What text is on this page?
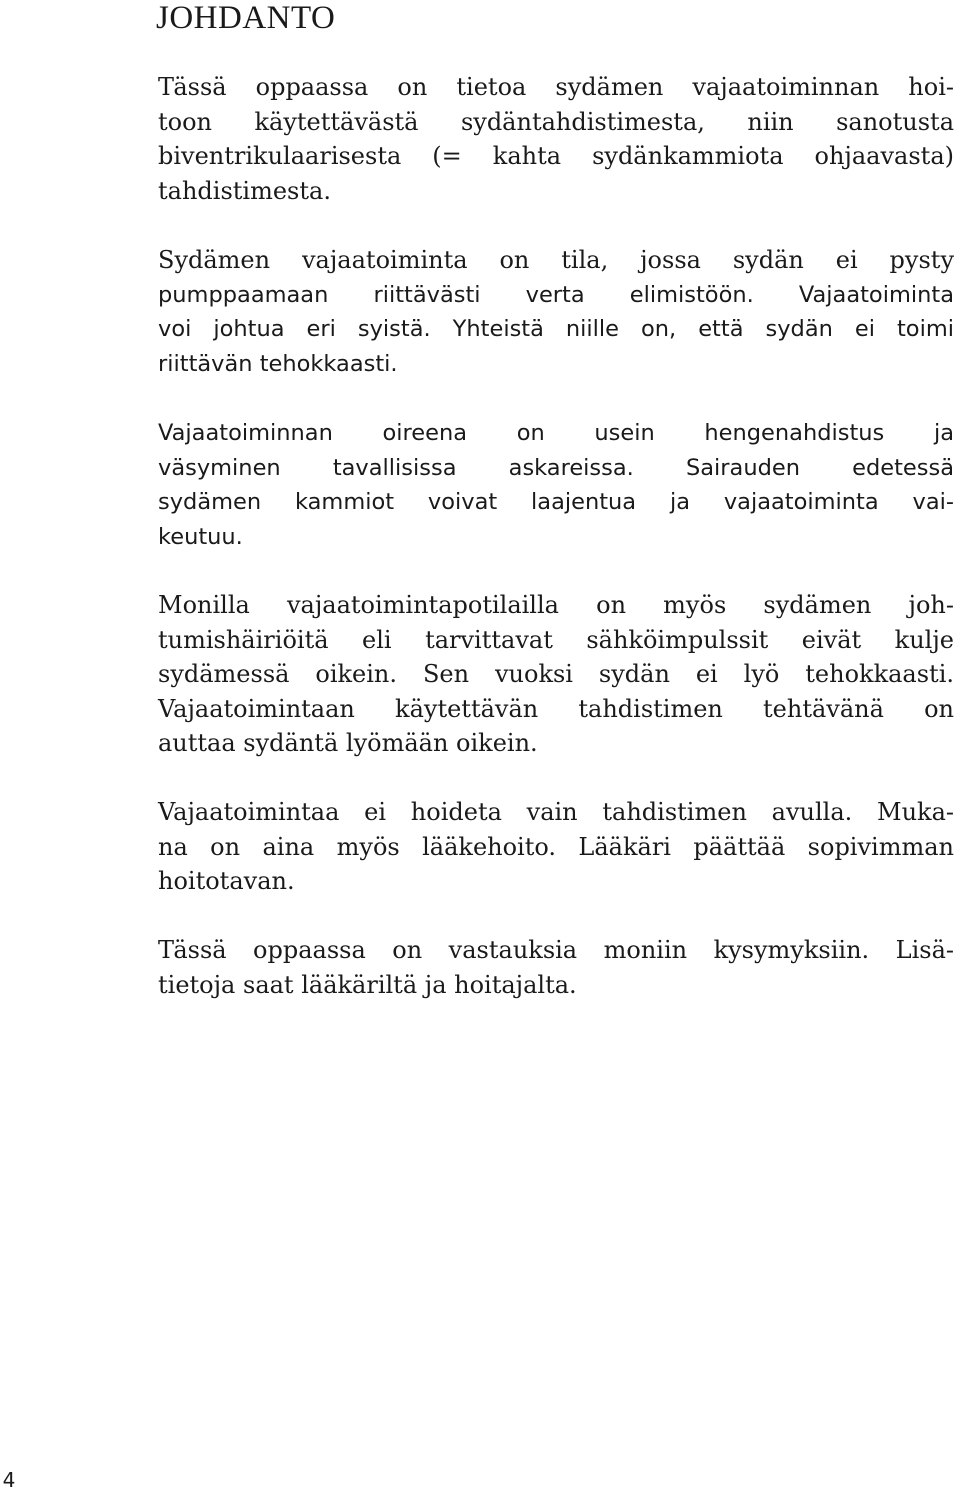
JOHDANTO

Tässä oppaassa on tietoa sydämen vajaatoiminnan hoi-
toon käytettävästä sydäntahdistimesta, niin sanotusta
biventrikulaarisesta (= kahta sydänkammiota ohjaavasta)
tahdistimesta.

Sydämen vajaatoiminta on tila, jossa sydän ei pysty
pumppaamaan riittävästi verta elimistöön. Vajaatoiminta
voi johtua eri syistä. Yhteistä niille on, että sydän ei toimi
riittävän tehokkaasti.

Vajaatoiminnan oireena on usein hengenahdistus ja
väsyminen tavallisissa askareissa. Sairauden edetessä
sydämen kammiot voivat laajentua ja vajaatoiminta vai-
keutuu.

Monilla vajaatoimintapotilailla on myös sydämen joh-
tumishäiriöitä eli tarvittavat sähköimpulssit eivät kulje
sydämessä oikein. Sen vuoksi sydän ei lyö tehokkaasti.
Vajaatoimintaan käytettävän tahdistimen tehtävänä on
auttaa sydäntä lyömään oikein.

Vajaatoimintaa ei hoideta vain tahdistimen avulla. Muka-
na on aina myös lääkehoito. Lääkäri päättää sopivimman
hoitotavan.

Tässä oppaassa on vastauksia moniin kysymyksiin. Lisä-
tietoja saat lääkäriltä ja hoitajalta.

4
